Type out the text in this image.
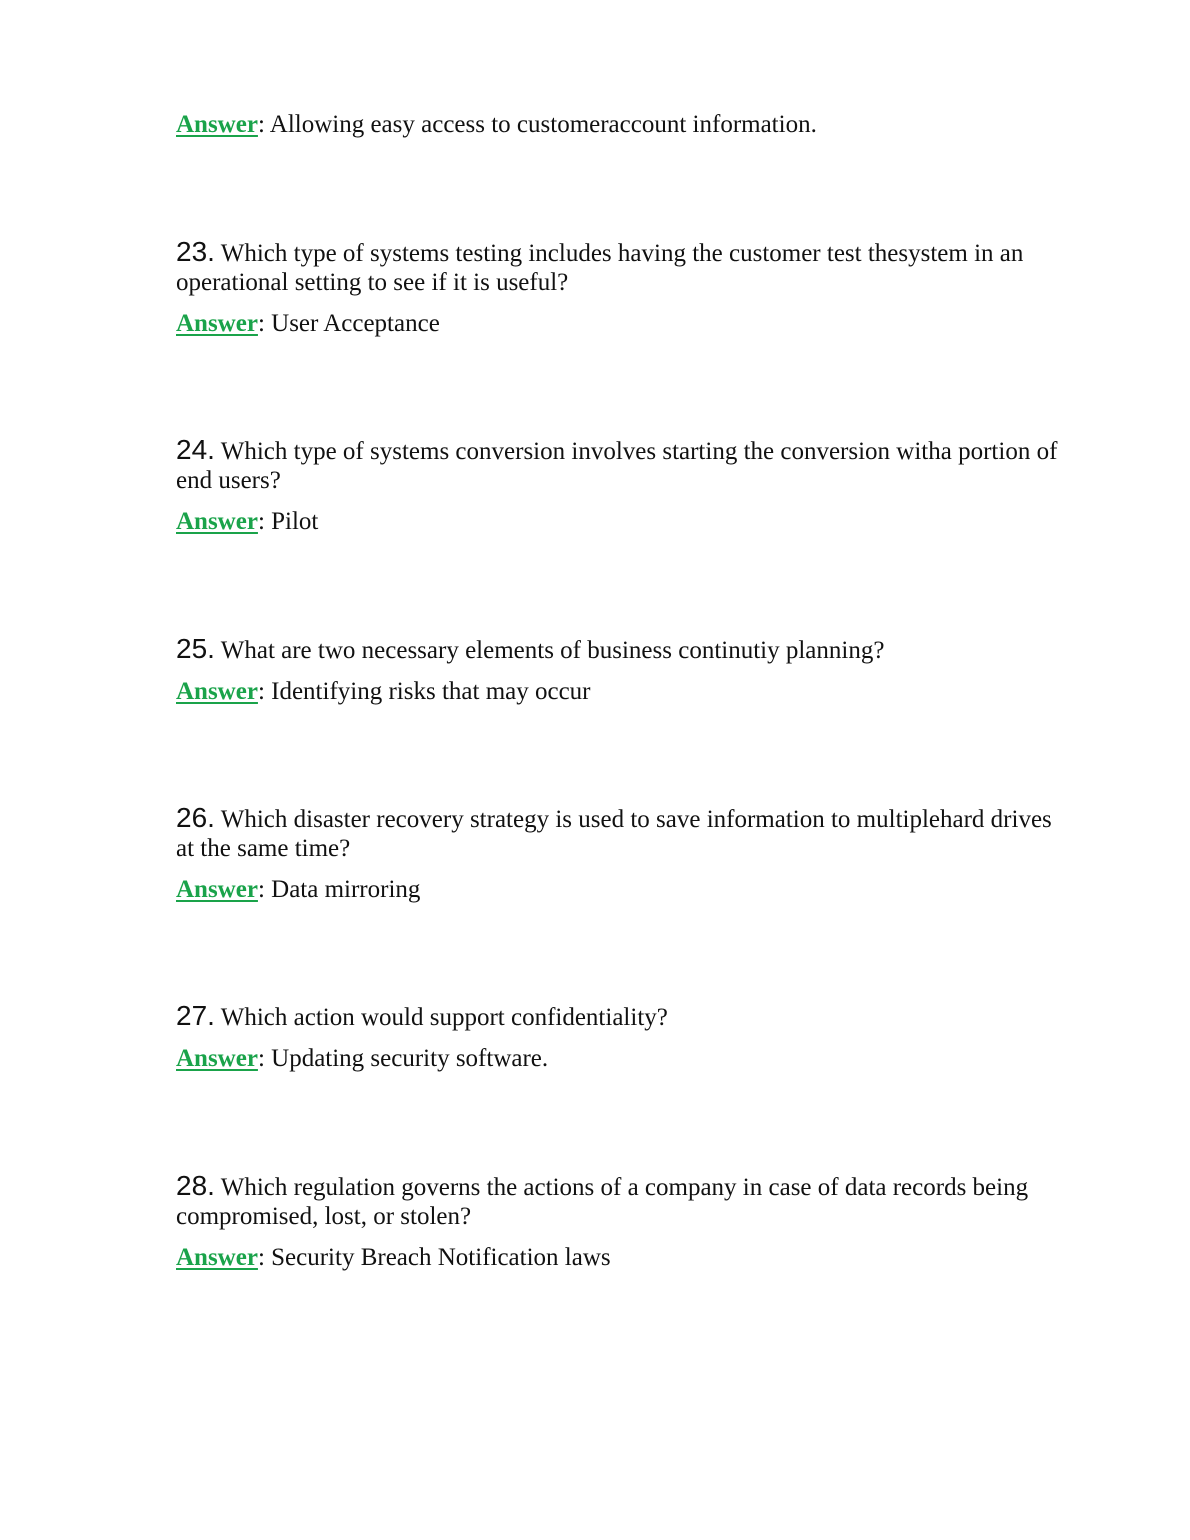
Answer: Allowing easy access to customeraccount information.

23. Which type of systems testing includes having the customer test thesystem in an operational setting to see if it is useful?

Answer: User Acceptance

24. Which type of systems conversion involves starting the conversion witha portion of end users?

Answer: Pilot

25. What are two necessary elements of business continutiy planning?

Answer: Identifying risks that may occur

26. Which disaster recovery strategy is used to save information to multiplehard drives at the same time?

Answer: Data mirroring

27. Which action would support confidentiality?

Answer: Updating security software.

28. Which regulation governs the actions of a company in case of data records being compromised, lost, or stolen?

Answer: Security Breach Notification laws
